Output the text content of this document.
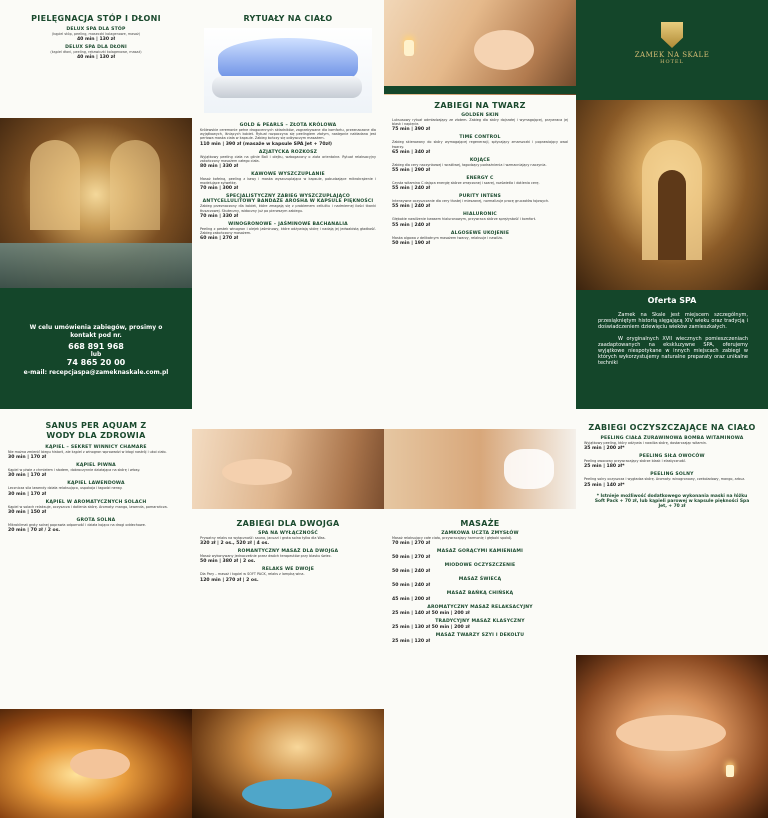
PIELĘGNACJA STÓP I DŁONI
DELUX SPA DLA STÓP
(kąpiel stóp, peeling, maseczki kolagenowe, masaż)
40 min | 130 zł
DELUX SPA DLA DŁONI
(kąpiel dłoni, peeling, rękawiczki kolagenowe, masaż)
40 min | 130 zł
W celu umówienia zabiegów, prosimy o kontakt pod nr.
668 891 968
lub
74 865 20 00
e-mail: recepcjaspa@zameknaskale.com.pl
RYTUAŁY NA CIAŁO
GOLD & PEARLS – ZŁOTA KRÓLOWA
Królewskie ceremonie pełne drogocennych składników, zagrzebywane dla komfortu, przeznaczone dla wyjątkowych, lśniących kobiet. Rytuał rozpoczyna się peelingiem złotym, następnie nakładana jest perłowa maska ciała w kapsule. Zabieg kończy się odżywczym masażem.
110 min | 390 zł (masaże w kapsule SPA Jet + 70zł)
AZJATYCKA ROZKOSZ
Wyjątkowy peeling ciała na glinie Bali i olejku, wzbogacony o zioła orientalne. Rytuał relaksacyjny zakończony masażem całego ciała.
80 min | 330 zł
KAWOWE WYSZCZUPLANIE
Masaż kofeiną, peeling z kawy i maska wyszczuplająca w kapsule, pobudzające mikrokrążenie i modelujące sylwetkę.
70 min | 300 zł
SPECJALISTYCZNY ZABIEG WYSZCZUPLAJĄCO ANTYCELLULITOWY BANDAŻE AROSHA W KAPSULE PIĘKNOŚCI
Zabieg przeznaczony dla kobiet, które zmagają się z problemem cellulitu i nadmiernej ilości tkanki tłuszczowej. Skuteczny, widoczny już po pierwszym zabiegu.
70 min | 330 zł
WINOGRONOWE – JAŚMINOWE BACHANALIA
Peeling z pestek winogron i olejek jaśminowy, które odżywiają skórę i nadają jej jedwabistą gładkość. Zabieg zakończony masażem.
60 min | 270 zł
ZABIEGI NA TWARZ
GOLDEN SKIN
Luksusowy rytuał odmładzający ze złotem. Zabieg dla skóry dojrzałej i wymagającej, przywraca jej blask i napięcie.
75 min | 390 zł
TIME CONTROL
Zabieg skierowany do skóry wymagającej regeneracji, spłycający zmarszczki i poprawiający owal twarzy.
65 min | 340 zł
KOJĄCE
Zabieg dla cery naczynkowej i wrażliwej, łagodzący podrażnienia i wzmacniający naczynia.
55 min | 290 zł
ENERGY C
Czysta witamina C dająca energię skórze zmęczonej i szarej, rozświetla i dotlenia cerę.
55 min | 240 zł
PURITY INTENS
Intensywne oczyszczanie dla cery tłustej i mieszanej, normalizuje pracę gruczołów łojowych.
55 min | 240 zł
HIALURONIC
Głębokie nawilżenie kwasem hialuronowym, przywraca skórze sprężystość i komfort.
55 min | 240 zł
ALGOSEWE UKOJENIE
Maska algowa z delikatnym masażem twarzy, relaksuje i nawilża.
50 min | 190 zł
ZAMEK NA SKALE
HOTEL
Oferta SPA
Zamek na Skale jest miejscem szczególnym, przesiąkniętym historią sięgającą XIV wieku oraz tradycją i doświadczeniem dziewięciu wieków zamieszkałych.
W oryginalnych XVII wiecznych pomieszczeniach zaadaptowanych na ekskluzywne SPA, oferujemy wyjątkowe niespotykane w innych miejscach zabiegi w których wykorzystujemy naturalne preparaty oraz unikalne techniki
SANUS PER AQUAM Z WODY DLA ZDROWIA
KĄPIEL – SEKRET WINNICY CHAMARE
Nie można zmienić biegu historii, ale kąpiel z winogron wprowadzi w błogi nastrój i ukoi ciało.
30 min | 170 zł
KĄPIEL PIWNA
Kąpiel w piwie z chmielem i słodem, dobroczynnie działająca na skórę i włosy.
30 min | 170 zł
KĄPIEL LAWENDOWA
Lecznicza sila lawendy działa relaksująco, uspokaja i łagodzi nerwy.
30 min | 170 zł
KĄPIEL W AROMATYCZNYCH SOLACH
Kąpiel w solach relaksuje, oczyszcza i dotlenia skórę. Aromaty: mango, lawenda, pomarańcza.
30 min | 150 zł
GROTA SOLNA
Mikroklimat groty solnej poprawia odporność i działa kojąco na drogi oddechowe.
20 min | 70 zł / 2 os.
ZABIEGI DLA DWOJGA
SPA NA WYŁĄCZNOŚĆ
Prywatny relaks na wyłączność: sauna, jacuzzi i grota solna tylko dla Was.
320 zł | 2 os., 520 zł | 4 os.
ROMANTYCZNY MASAŻ DLA DWOJGA
Masaż wykonywany jednocześnie przez dwóch terapeutów przy blasku świec.
50 min | 380 zł | 2 os.
RELAKS WE DWOJE
Dla Pary – masaż i kąpiel w SOFT PACK, relaks z lampką wina.
120 min | 270 zł | 2 os.
MASAŻE
ZAMKOWA UCZTA ZMYSŁÓW
Masaż relaksujący całe ciało, przywracający harmonię i głęboki spokój.
70 min | 270 zł
MASAŻ GORĄCYMI KAMIENIAMI
50 min | 270 zł
MIODOWE OCZYSZCZENIE
50 min | 240 zł
MASAŻ ŚWIECĄ
50 min | 240 zł
MASAŻ BAŃKĄ CHIŃSKĄ
45 min | 200 zł
AROMATYCZNY MASAŻ RELAKSACYJNY
25 min | 140 zł 50 min | 200 zł
TRADYCYJNY MASAŻ KLASYCZNY
25 min | 130 zł 50 min | 200 zł
MASAŻ TWARZY SZYI I DEKOLTU
25 min | 120 zł
ZABIEGI OCZYSZCZAJĄCE NA CIAŁO
PEELING CIAŁA ŻURAWINOWA BOMBA WITAMINOWA
Wyjątkowy peeling, który odżywia i nawilża skórę, dostarczając witamin.
35 min | 200 zł*
PEELING SIŁA OWOCÓW
Peeling owocowy przywracający skórze blask i elastyczność.
25 min | 180 zł*
PEELING SOLNY
Peeling solny oczyszcza i wygładza skórę. Aromaty: winogronowy, czekoladowy, mango, arbuz.
25 min | 140 zł*
* Istnieje możliwość dodatkowego wykonania maski na łóżku Soft Pack + 70 zł, lub kąpieli parowej w kapsule piękności Spa Jet, + 70 zł
